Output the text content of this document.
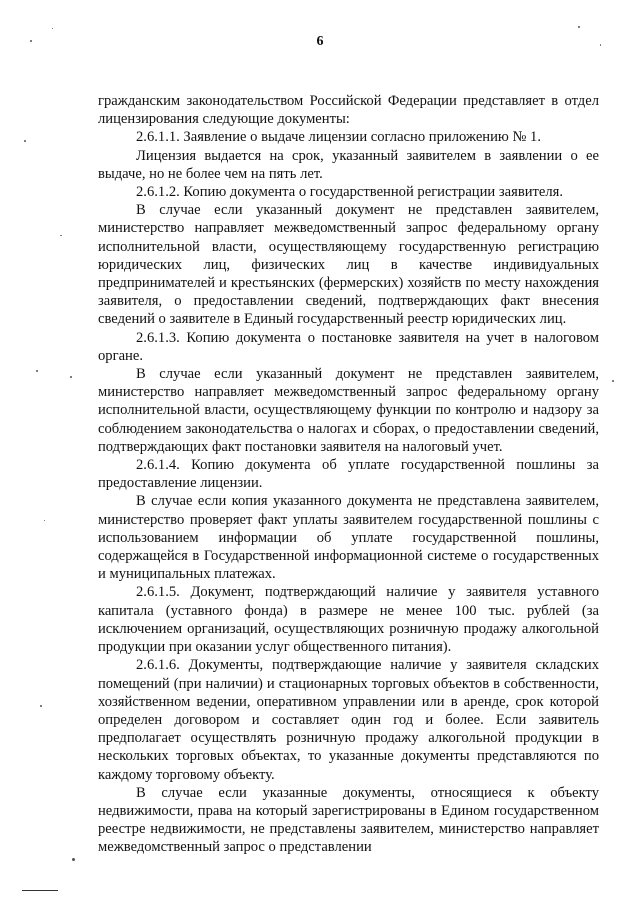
6

гражданским законодательством Российской Федерации представляет в отдел лицензирования следующие документы:

2.6.1.1. Заявление о выдаче лицензии согласно приложению № 1.

Лицензия выдается на срок, указанный заявителем в заявлении о ее выдаче, но не более чем на пять лет.

2.6.1.2. Копию документа о государственной регистрации заявителя.

В случае если указанный документ не представлен заявителем, министерство направляет межведомственный запрос федеральному органу исполнительной власти, осуществляющему государственную регистрацию юридических лиц, физических лиц в качестве индивидуальных предпринимателей и крестьянских (фермерских) хозяйств по месту нахождения заявителя, о предоставлении сведений, подтверждающих факт внесения сведений о заявителе в Единый государственный реестр юридических лиц.

2.6.1.3. Копию документа о постановке заявителя на учет в налоговом органе.

В случае если указанный документ не представлен заявителем, министерство направляет межведомственный запрос федеральному органу исполнительной власти, осуществляющему функции по контролю и надзору за соблюдением законодательства о налогах и сборах, о предоставлении сведений, подтверждающих факт постановки заявителя на налоговый учет.

2.6.1.4. Копию документа об уплате государственной пошлины за предоставление лицензии.

В случае если копия указанного документа не представлена заявителем, министерство проверяет факт уплаты заявителем государственной пошлины с использованием информации об уплате государственной пошлины, содержащейся в Государственной информационной системе о государственных и муниципальных платежах.

2.6.1.5. Документ, подтверждающий наличие у заявителя уставного капитала (уставного фонда) в размере не менее 100 тыс. рублей (за исключением организаций, осуществляющих розничную продажу алкогольной продукции при оказании услуг общественного питания).

2.6.1.6. Документы, подтверждающие наличие у заявителя складских помещений (при наличии) и стационарных торговых объектов в собственности, хозяйственном ведении, оперативном управлении или в аренде, срок которой определен договором и составляет один год и более. Если заявитель предполагает осуществлять розничную продажу алкогольной продукции в нескольких торговых объектах, то указанные документы представляются по каждому торговому объекту.

В случае если указанные документы, относящиеся к объекту недвижимости, права на который зарегистрированы в Едином государственном реестре недвижимости, не представлены заявителем, министерство направляет межведомственный запрос о представлении
